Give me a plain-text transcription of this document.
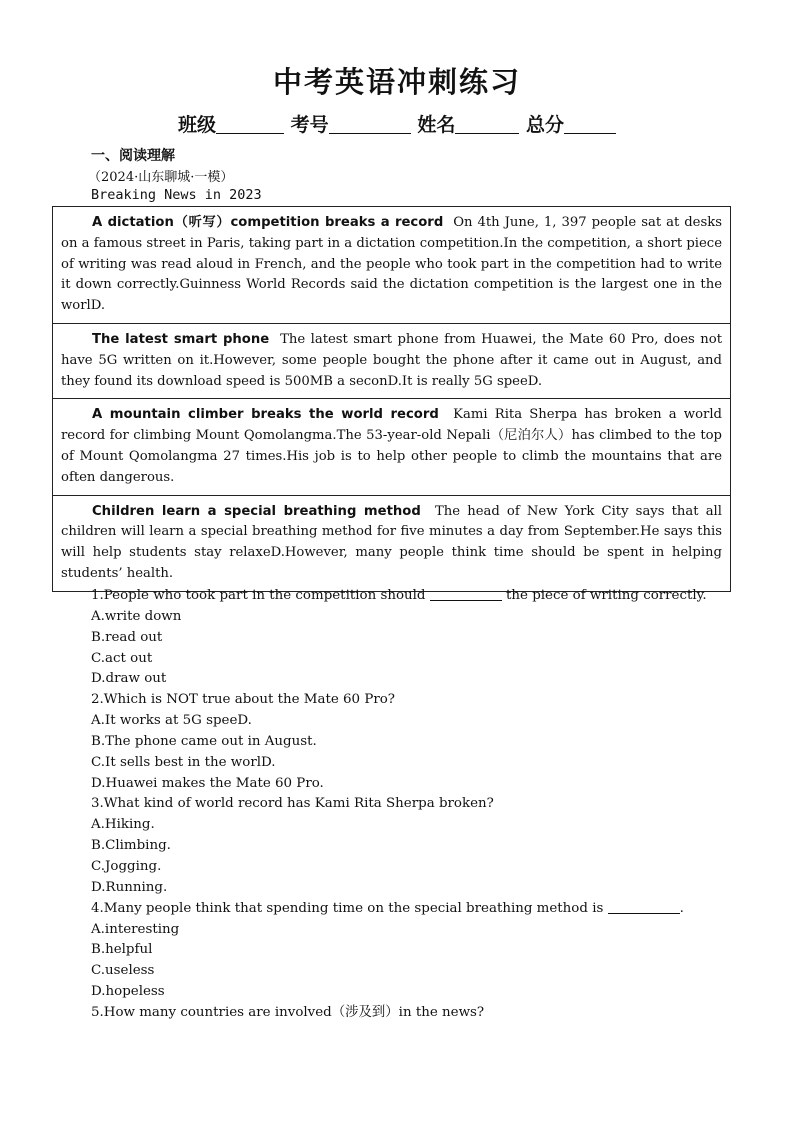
中考英语冲刺练习
班级	考号	姓名	总分
一、阅读理解
（2024·山东聊城·一模）
Breaking News in 2023
A dictation（听写）competition breaks a record On 4th June, 1, 397 people sat at desks on a famous street in Paris, taking part in a dictation competition.In the competition, a short piece of writing was read aloud in French, and the people who took part in the competition had to write it down correctly.Guinness World Records said the dictation competition is the largest one in the worlD.
The latest smart phone The latest smart phone from Huawei, the Mate 60 Pro, does not have 5G written on it.However, some people bought the phone after it came out in August, and they found its download speed is 500MB a seconD.It is really 5G speeD.
A mountain climber breaks the world record Kami Rita Sherpa has broken a world record for climbing Mount Qomolangma.The 53-year-old Nepali（尼泊尔人）has climbed to the top of Mount Qomolangma 27 times.His job is to help other people to climb the mountains that are often dangerous.
Children learn a special breathing method The head of New York City says that all children will learn a special breathing method for five minutes a day from September.He says this will help students stay relaxeD.However, many people think time should be spent in helping students’ health.
1.People who took part in the competition should	the piece of writing correctly.
A.write down
B.read out
C.act out
D.draw out
2.Which is NOT true about the Mate 60 Pro?
A.It works at 5G speeD.
B.The phone came out in August.
C.It sells best in the worlD.
D.Huawei makes the Mate 60 Pro.
3.What kind of world record has Kami Rita Sherpa broken?
A.Hiking.
B.Climbing.
C.Jogging.
D.Running.
4.Many people think that spending time on the special breathing method is	.
A.interesting
B.helpful
C.useless
D.hopeless
5.How many countries are involved（涉及到）in the news?
